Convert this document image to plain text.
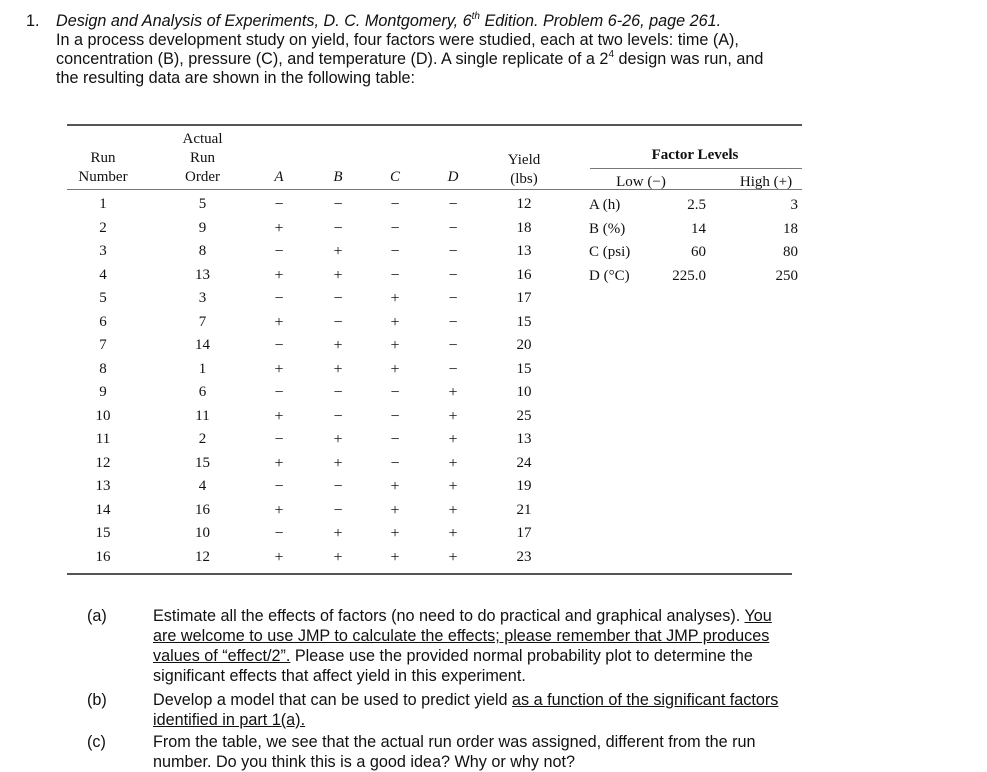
1. Design and Analysis of Experiments, D. C. Montgomery, 6th Edition. Problem 6-26, page 261.
In a process development study on yield, four factors were studied, each at two levels: time (A),
concentration (B), pressure (C), and temperature (D). A single replicate of a $2^4$ design was run, and
the resulting data are shown in the following table:
Run
Number
Actual
Run
Order	A	B	C	D
Yield
(lbs)
Factor Levels
Low (−)	High (+)
1	5	−	−	−	−	12
2	9	+	−	−	−	18
3	8	−	+	−	−	13
4	13	+	+	−	−	16
5	3	−	−	+	−	17
6	7	+	−	+	−	15
7	14	−	+	+	−	20
8	1	+	+	+	−	15
9	6	−	−	−	+	10
10	11	+	−	−	+	25
11	2	−	+	−	+	13
12	15	+	+	−	+	24
13	4	−	−	+	+	19
14	16	+	−	+	+	21
15	10	−	+	+	+	17
16	12	+	+	+	+	23
A (h)	2.5	3
B (%)	14	18
C (psi)	60	80
D (°C)	225.0	250
(a)	Estimate all the effects of factors (no need to do practical and graphical analyses). You
are welcome to use JMP to calculate the effects; please remember that JMP produces
values of “effect/2”. Please use the provided normal probability plot to determine the
significant effects that affect yield in this experiment.
(b)	Develop a model that can be used to predict yield as a function of the significant factors
identified in part 1(a).
(c)	From the table, we see that the actual run order was assigned, different from the run
number. Do you think this is a good idea? Why or why not?
